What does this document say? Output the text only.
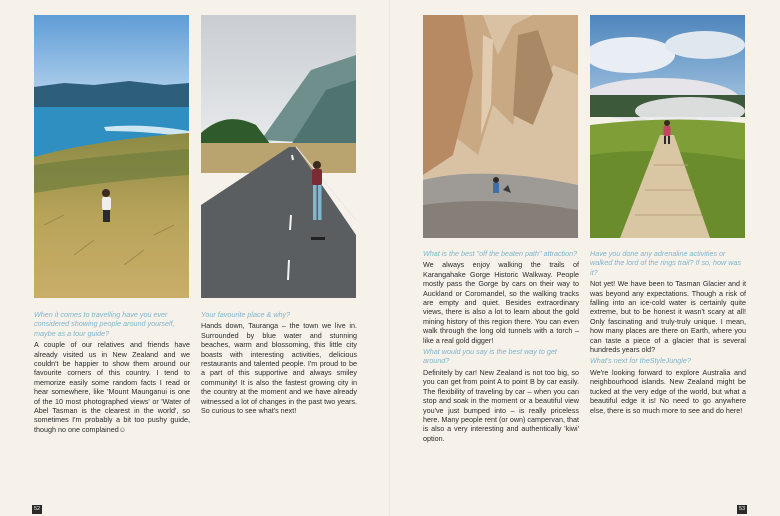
When it comes to travelling have you ever considered showing people around yourself, maybe as a tour guide?

A couple of our relatives and friends have already visited us in New Zealand and we couldn't be happier to show them around our favourite corners of this country. I tend to memorize easily some random facts I read or hear somewhere, like 'Mount Maunganui is one of the 10 most photographed views' or 'Water of Abel Tasman is the clearest in the world', so sometimes I'm probably a bit too pushy guide, though no one complained☺

Your favourite place & why?

Hands down, Tauranga – the town we live in. Surrounded by blue water and stunning beaches, warm and blossoming, this little city boasts with interesting activities, delicious restaurants and talented people. I'm proud to be a part of this supportive and always smiley community! It is also the fastest growing city in the country at the moment and we have already witnessed a lot of changes in the past two years. So curious to see what's next!

52

What is the best "off the beaten path" attraction?

We always enjoy walking the trails of Karangahake Gorge Historic Walkway. People mostly pass the Gorge by cars on their way to Auckland or Coromandel, so the walking tracks are empty and quiet. Besides extraordinary views, there is also a lot to learn about the gold mining history of this region there. You can even walk through the long old tunnels with a torch – like a real gold digger!

What would you say is the best way to get around?

Definitely by car! New Zealand is not too big, so you can get from point A to point B by car easily. The flexibility of traveling by car – when you can stop and soak in the moment or a beautiful view you've just bumped into – is really priceless here. Many people rent (or own) campervan, that is also a very interesting and authentically 'kiwi' option.

Have you done any adrenaline activities or walked the lord of the rings trail? If so, how was it?

Not yet! We have been to Tasman Glacier and it was beyond any expectations. Though a risk of falling into an ice-cold water is certainly quite extreme, but to be honest it wasn't scary at all! Only fascinating and truly-truly unique. I mean, how many places are there on Earth, where you can taste a piece of a glacier that is several hundreds years old?

What's next for theStyleJungle?

We're looking forward to explore Australia and neighbourhood islands. New Zealand might be tucked at the very edge of the world, but what a beautiful edge it is! No need to go anywhere else, there is so much more to see and do here!

53
